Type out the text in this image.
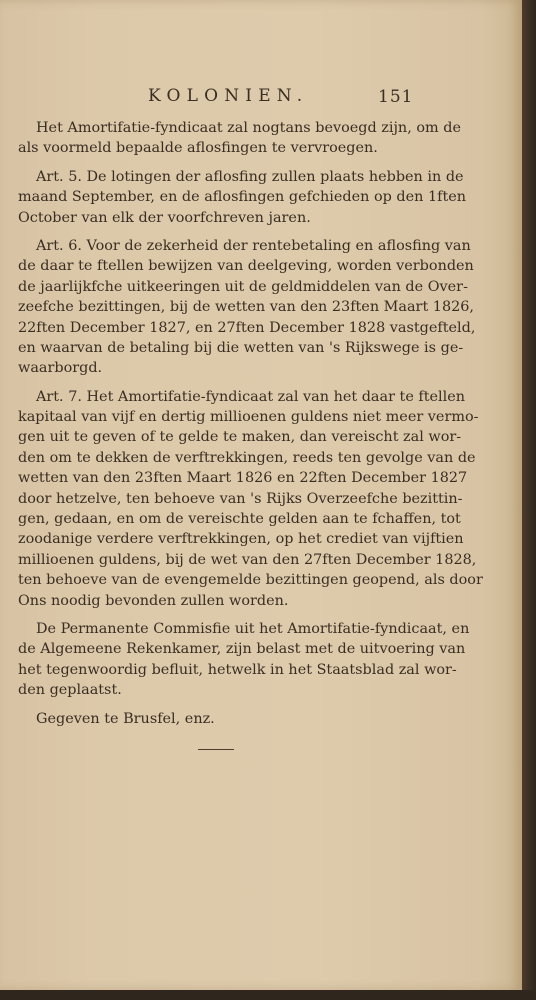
KOLONIEN.	151
Het Amortifatie-fyndicaat zal nogtans bevoegd zijn, om de
als voormeld bepaalde aflosfingen te vervroegen.
Art. 5. De lotingen der aflosfing zullen plaats hebben in de
maand September, en de aflosfingen gefchieden op den 1ften
October van elk der voorfchreven jaren.
Art. 6. Voor de zekerheid der rentebetaling en aflosfing van
de daar te ftellen bewijzen van deelgeving, worden verbonden
de jaarlijkfche uitkeeringen uit de geldmiddelen van de Over-
zeefche bezittingen, bij de wetten van den 23ften Maart 1826,
22ften December 1827, en 27ften December 1828 vastgefteld,
en waarvan de betaling bij die wetten van 's Rijkswege is ge-
waarborgd.
Art. 7. Het Amortifatie-fyndicaat zal van het daar te ftellen
kapitaal van vijf en dertig millioenen guldens niet meer vermo-
gen uit te geven of te gelde te maken, dan vereischt zal wor-
den om te dekken de verftrekkingen, reeds ten gevolge van de
wetten van den 23ften Maart 1826 en 22ften December 1827
door hetzelve, ten behoeve van 's Rijks Overzeefche bezittin-
gen, gedaan, en om de vereischte gelden aan te fchaffen, tot
zoodanige verdere verftrekkingen, op het crediet van vijftien
millioenen guldens, bij de wet van den 27ften December 1828,
ten behoeve van de evengemelde bezittingen geopend, als door
Ons noodig bevonden zullen worden.
De Permanente Commisfie uit het Amortifatie-fyndicaat, en
de Algemeene Rekenkamer, zijn belast met de uitvoering van
het tegenwoordig befluit, hetwelk in het Staatsblad zal wor-
den geplaatst.
Gegeven te Brusfel, enz.
